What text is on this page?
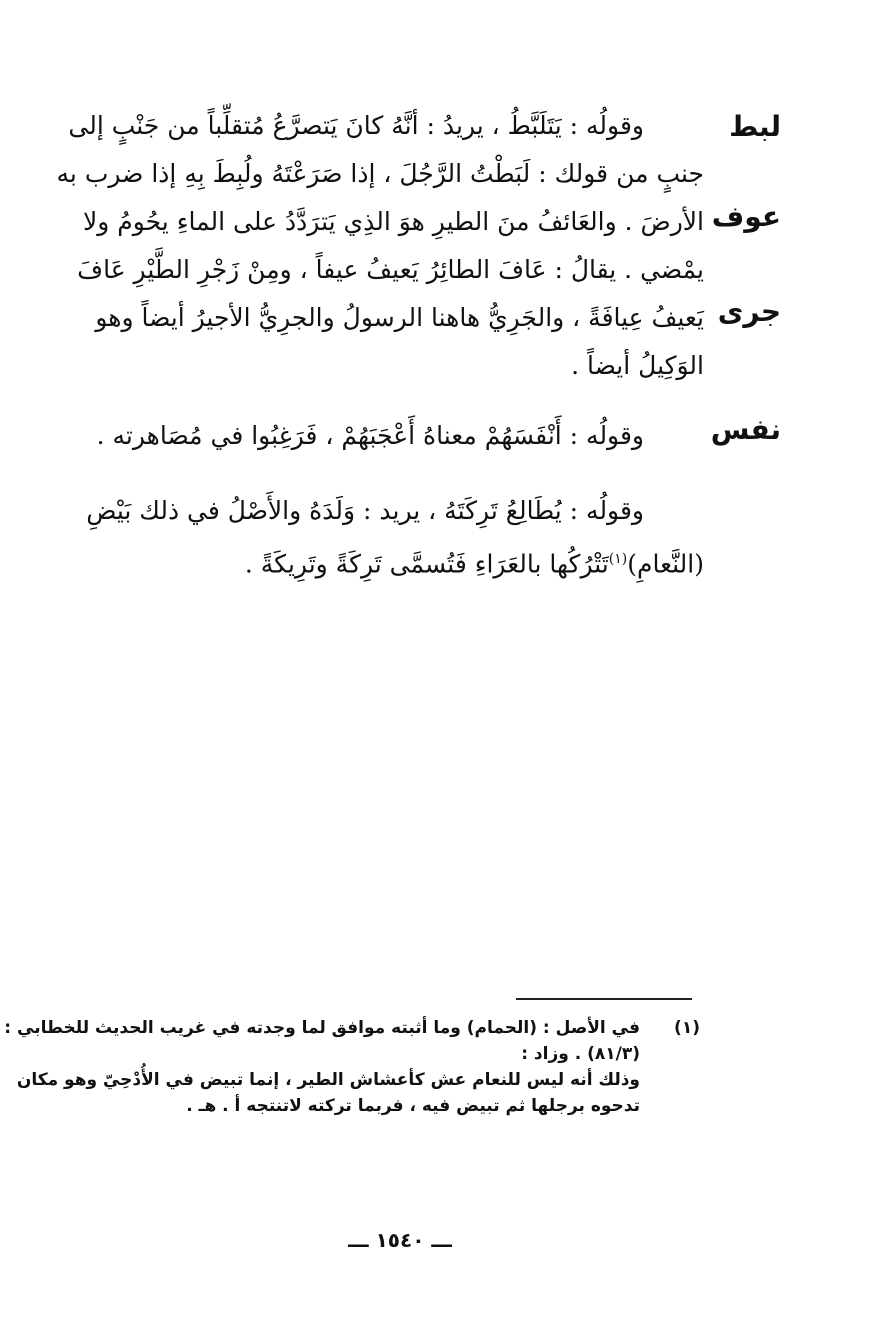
لبط
عوف
جرى
نفس
وقولُه : يَتَلَبَّطُ ، يريدُ : أنَّهُ كانَ يَتصرَّعُ مُتقلِّباً من جَنْبٍ إلى
جنبٍ من قولك : لَبَطْتُ الرَّجُلَ ، إذا صَرَعْتَهُ ولُبِطَ بِهِ إذا ضرب به
الأرضَ . والعَائفُ منَ الطيرِ هوَ الذِي يَترَدَّدُ على الماءِ يحُومُ ولا
يمْضي . يقالُ : عَافَ الطائِرُ يَعيفُ عيفاً ، ومِنْ زَجْرِ الطَّيْرِ عَافَ
يَعيفُ عِيافَةً ، والجَرِيُّ هاهنا الرسولُ والجرِيُّ الأجيرُ أيضاً وهو
الوَكِيلُ أيضاً .
وقولُه : أَنْفَسَهُمْ معناهُ أَعْجَبَهُمْ ، فَرَغِبُوا في مُصَاهرته .
وقولُه : يُطَالِعُ تَرِكَتَهُ ، يريد : وَلَدَهُ والأَصْلُ في ذلك بَيْضِ
(النَّعامِ)$^{(١)}$تَتْرُكُها بالعَرَاءِ فَتُسمَّى تَرِكَةً وتَرِيكَةً .
(١)
في الأصل : (الحمام) وما أثبته موافق لما وجدته في غريب الحديث للخطابي :
(٨١/٣) . وزاد :
وذلك أنه ليس للنعام عش كأعشاش الطير ، إنما تبيض في الأُدْحِيّ وهو مكان
تدحوه برجلها ثم تبيض فيه ، فربما تركته لاتنتجه أ . هـ .
ـــ ١٥٤٠ ـــ
